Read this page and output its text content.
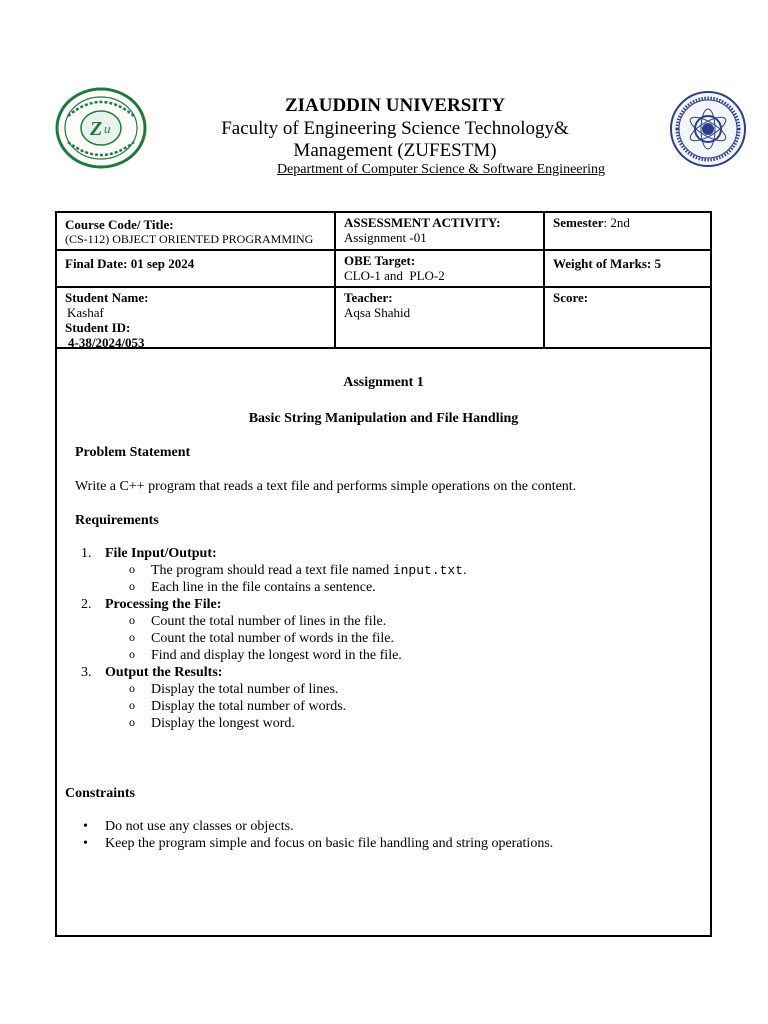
Z u
ZIAUDDIN UNIVERSITY
Faculty of Engineering Science Technology&
Management (ZUFESTM)
Department of Computer Science & Software Engineering
Course Code/ Title:
(CS-112) OBJECT ORIENTED PROGRAMMING
ASSESSMENT ACTIVITY:
Assignment -01
Semester: 2nd
Final Date: 01 sep 2024	OBE Target:
CLO-1 and  PLO-2
Weight of Marks: 5
Student Name:
Kashaf
Student ID:
4-38/2024/053
Teacher:
Aqsa Shahid
Score:
Assignment 1
Basic String Manipulation and File Handling
Problem Statement
Write a C++ program that reads a text file and performs simple operations on the content.
Requirements
1. File Input/Output:
o The program should read a text file named input.txt.
o Each line in the file contains a sentence.
2. Processing the File:
o Count the total number of lines in the file.
o Count the total number of words in the file.
o Find and display the longest word in the file.
3. Output the Results:
o Display the total number of lines.
o Display the total number of words.
o Display the longest word.
Constraints
• Do not use any classes or objects.
• Keep the program simple and focus on basic file handling and string operations.
